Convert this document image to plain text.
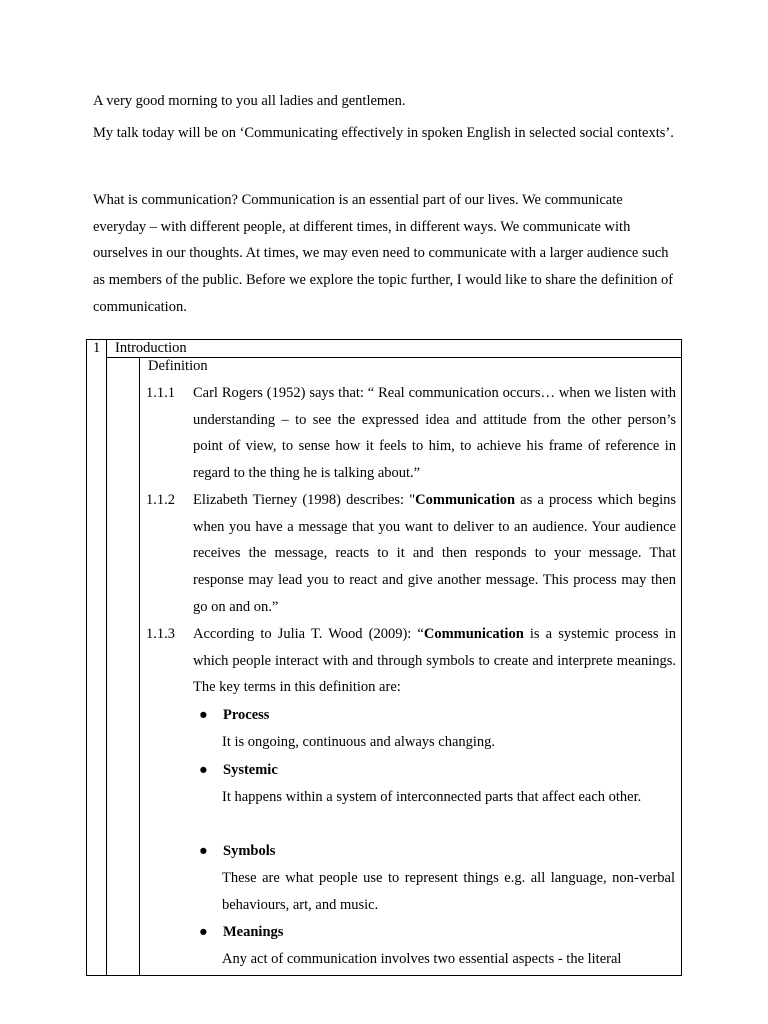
A very good morning to you all ladies and gentlemen.

My talk today will be on ‘Communicating effectively in spoken English in selected social contexts’.

What is communication? Communication is an essential part of our lives. We communicate everyday – with different people, at different times, in different ways. We communicate with ourselves in our thoughts. At times, we may even need to communicate with a larger audience such as members of the public. Before we explore the topic further, I would like to share the definition of communication.

1 Introduction
Definition
1.1.1	Carl Rogers (1952) says that: “ Real communication occurs… when we listen with understanding – to see the expressed idea and attitude from the other person’s point of view, to sense how it feels to him, to achieve his frame of reference in regard to the thing he is talking about.”

1.1.2	Elizabeth Tierney (1998) describes: "Communication as a process which begins when you have a message that you want to deliver to an audience. Your audience receives the message, reacts to it and then responds to your message. That response may lead you to react and give another message. This process may then go on and on.”

1.1.3	According to Julia T. Wood (2009): “Communication is a systemic process in which people interact with and through symbols to create and interprete meanings. The key terms in this definition are:

● Process
It is ongoing, continuous and always changing.
● Systemic
It happens within a system of interconnected parts that affect each other.
● Symbols
These are what people use to represent things e.g. all language, non-verbal behaviours, art, and music.
● Meanings
Any act of communication involves two essential aspects - the literal
